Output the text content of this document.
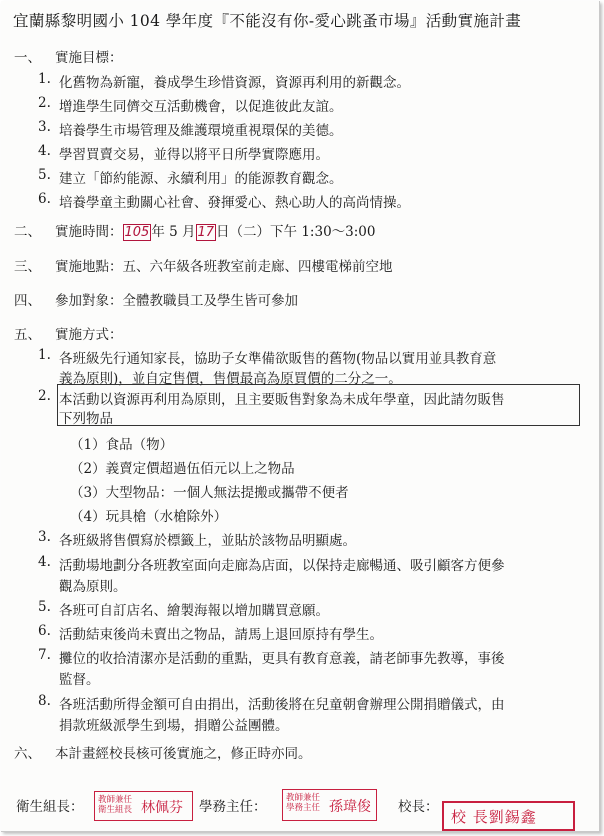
宜蘭縣黎明國小 104 學年度『不能沒有你-愛心跳蚤市場』活動實施計畫
一、 實施目標：
1. 化舊物為新寵，養成學生珍惜資源，資源再利用的新觀念。
2. 增進學生同儕交互活動機會，以促進彼此友誼。
3. 培養學生市場管理及維護環境重視環保的美德。
4. 學習買賣交易，並得以將平日所學實際應用。
5. 建立「節約能源、永續利用」的能源教育觀念。
6. 培養學童主動關心社會、發揮愛心、熱心助人的高尚情操。
二、 實施時間： 105 年 5 月 17 日（二）下午 1:30～3:00
三、 實施地點：五、六年級各班教室前走廊、四樓電梯前空地
四、 參加對象：全體教職員工及學生皆可參加
五、 實施方式：
1. 各班級先行通知家長，協助子女準備欲販售的舊物(物品以實用並具教育意
義為原則)，並自定售價，售價最高為原買價的二分之一。
2. 本活動以資源再利用為原則，且主要販售對象為未成年學童，因此請勿販售
下列物品
（1）食品（物）
（2）義賣定價超過伍佰元以上之物品
（3）大型物品：一個人無法提搬或攜帶不便者
（4）玩具槍（水槍除外）
3. 各班級將售價寫於標籤上，並貼於該物品明顯處。
4. 活動場地劃分各班教室面向走廊為店面，以保持走廊暢通、吸引顧客方便參
觀為原則。
5. 各班可自訂店名、繪製海報以增加購買意願。
6. 活動結束後尚未賣出之物品，請馬上退回原持有學生。
7. 攤位的收拾清潔亦是活動的重點，更具有教育意義，請老師事先教導，事後
監督。
8. 各班活動所得金額可自由捐出，活動後將在兒童朝會辦理公開捐贈儀式，由
捐款班級派學生到場，捐贈公益團體。
六、 本計畫經校長核可後實施之，修正時亦同。
衛生組長： 教師兼任
衛生組長 林佩芬 學務主任：
教師兼任
學務主任 孫瑋俊 校長：
校 長劉錫鑫
